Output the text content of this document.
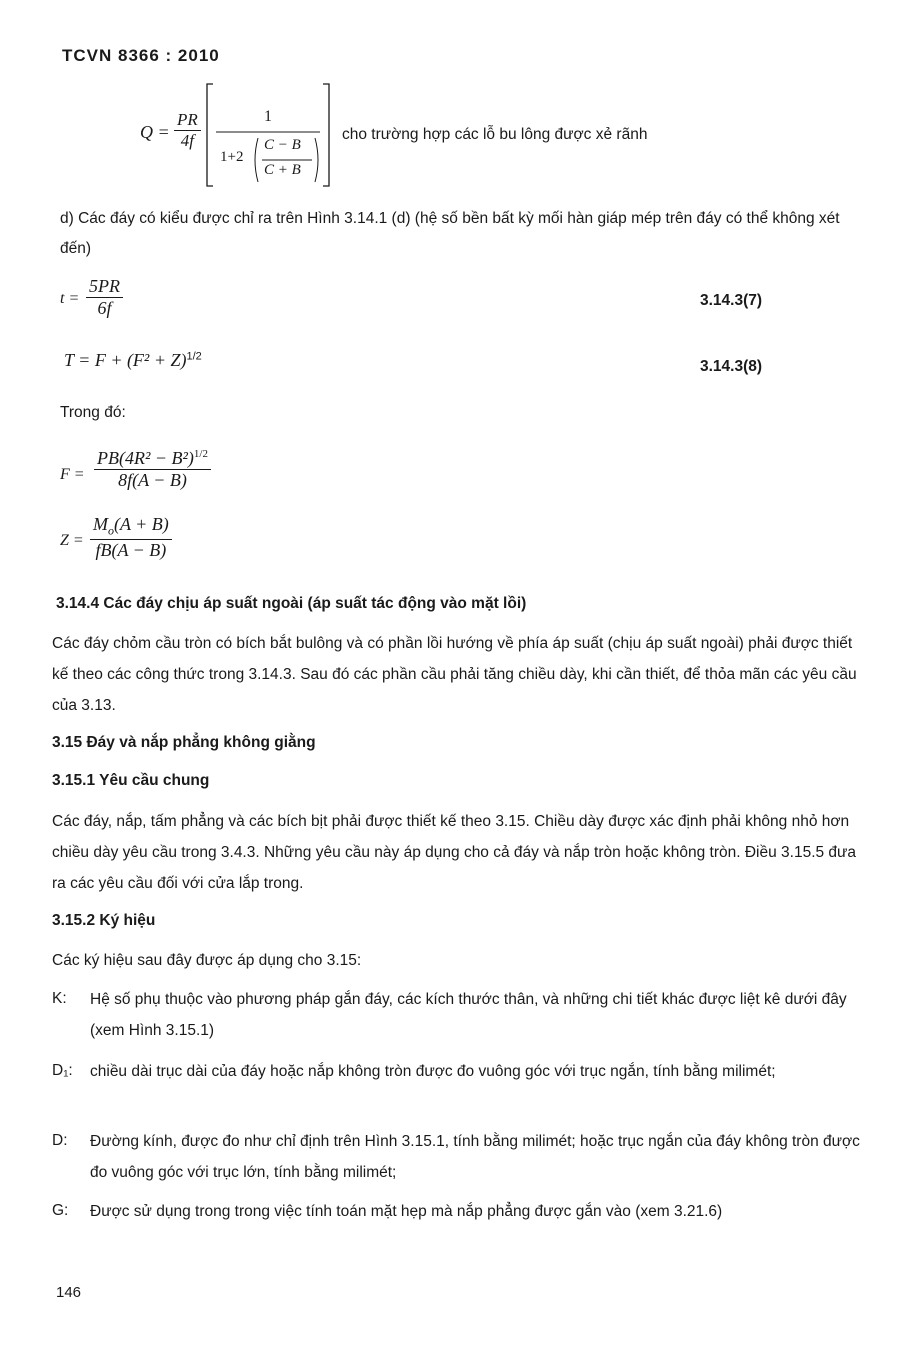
TCVN 8366 : 2010
$Q = \frac{PR}{4f}$	1
1+2
C − B
C + B
cho trường hợp các lỗ bu lông được xẻ rãnh
d) Các đáy có kiểu được chỉ ra trên Hình 3.14.1 (d) (hệ số bền bất kỳ mối hàn giáp mép trên đáy có thể không xét đến)
$t = \frac{5PR}{6f}$	3.14.3(7)
$T = F + (F^2 + Z)^{1/2}$
3.14.3(8)
Trong đó:
$F = \frac{PB(4R^2 - B^2)^{1/2}}{8f(A - B)}$
$Z = \frac{M_o(A + B)}{fB(A - B)}$
3.14.4 Các đáy chịu áp suất ngoài (áp suất tác động vào mặt lồi)
Các đáy chỏm cầu tròn có bích bắt bulông và có phần lồi hướng về phía áp suất (chịu áp suất ngoài) phải được thiết kế theo các công thức trong 3.14.3. Sau đó các phần cầu phải tăng chiều dày, khi cần thiết, để thỏa mãn các yêu cầu của 3.13.
3.15 Đáy và nắp phẳng không giằng
3.15.1 Yêu cầu chung
Các đáy, nắp, tấm phẳng và các bích bịt phải được thiết kế theo 3.15. Chiều dày được xác định phải không nhỏ hơn chiều dày yêu cầu trong 3.4.3. Những yêu cầu này áp dụng cho cả đáy và nắp tròn hoặc không tròn. Điều 3.15.5 đưa ra các yêu cầu đối với cửa lắp trong.
3.15.2 Ký hiệu
Các ký hiệu sau đây được áp dụng cho 3.15:
K: Hệ số phụ thuộc vào phương pháp gắn đáy, các kích thước thân, và những chi tiết khác được liệt kê dưới đây (xem Hình 3.15.1)
D₁: chiều dài trục dài của đáy hoặc nắp không tròn được đo vuông góc với trục ngắn, tính bằng milimét;
D: Đường kính, được đo như chỉ định trên Hình 3.15.1, tính bằng milimét; hoặc trục ngắn của đáy không tròn được đo vuông góc với trục lớn, tính bằng milimét;
G: Được sử dụng trong trong việc tính toán mặt hẹp mà nắp phẳng được gắn vào (xem 3.21.6)
146
